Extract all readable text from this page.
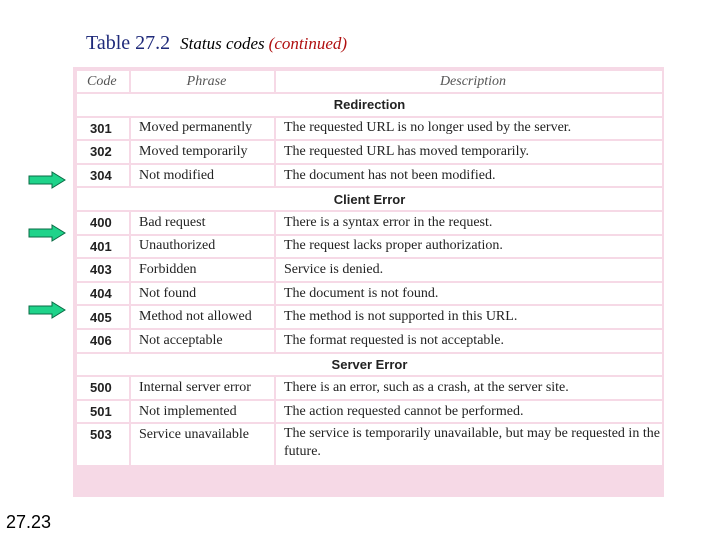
Table 27.2 Status codes (continued)
Code	Phrase	Description
Redirection		
301	Moved permanently	The requested URL is no longer used by the server.
302	Moved temporarily	The requested URL has moved temporarily.
304	Not modified	The document has not been modified.
Client Error		
400	Bad request	There is a syntax error in the request.
401	Unauthorized	The request lacks proper authorization.
403	Forbidden	Service is denied.
404	Not found	The document is not found.
405	Method not allowed	The method is not supported in this URL.
406	Not acceptable	The format requested is not acceptable.
Server Error		
500	Internal server error	There is an error, such as a crash, at the server site.
501	Not implemented	The action requested cannot be performed.
503	Service unavailable	The service is temporarily unavailable, but may be requested in the future.
27.23
